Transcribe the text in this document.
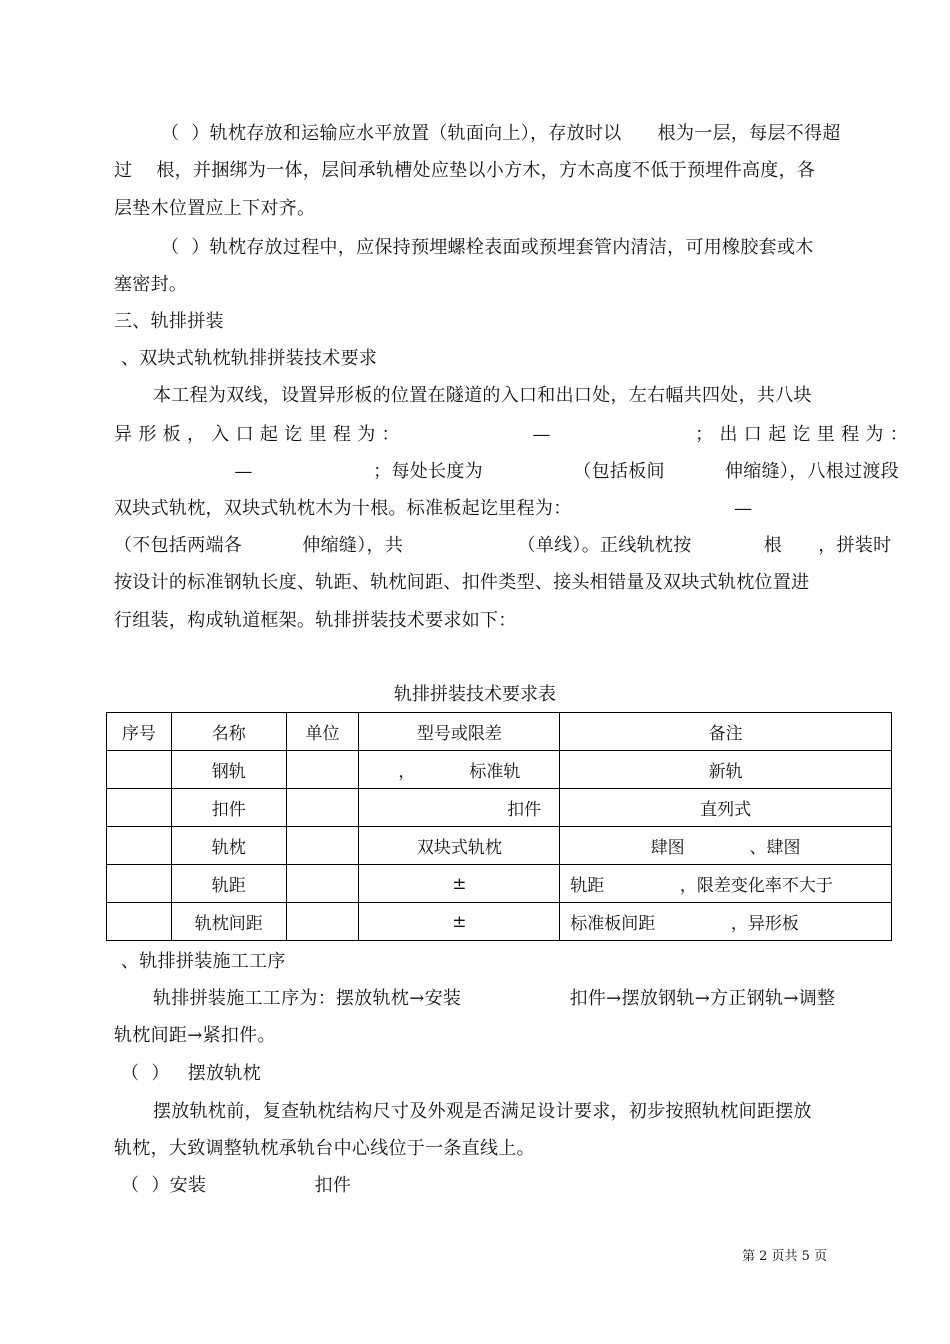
（  ）轨枕存放和运输应水平放置（轨面向上），存放时以      根为一层，每层不得超
过    根，并捆绑为一体，层间承轨槽处应垫以小方木，方木高度不低于预埋件高度，各
层垫木位置应上下对齐。
（  ）轨枕存放过程中，应保持预埋螺栓表面或预埋套管内清洁，可用橡胶套或木
塞密封。
三、轨排拼装
、双块式轨枕轨排拼装技术要求
本工程为双线，设置异形板的位置在隧道的入口和出口处，左右幅共四处，共八块
异 形 板 ， 入 口 起 讫 里 程 为 ：                      —                        ； 出 口 起 讫 里 程 为 ：
—                    ；每处长度为               （包括板间          伸缩缝），八根过渡段
双块式轨枕，双块式轨枕木为十根。标准板起讫里程为：                           —
（不包括两端各          伸缩缝），共                   （单线）。正线轨枕按            根      ，拼装时
按设计的标准钢轨长度、轨距、轨枕间距、扣件类型、接头相错量及双块式轨枕位置进
行组装，构成轨道框架。轨排拼装技术要求如下：
轨排拼装技术要求表
序号	名称	单位	型号或限差	备注
	钢轨		，          标准轨	新轨
	扣件		扣件	直列式
	轨枕		双块式轨枕	肆图            、肆图
	轨距		±	轨距              ，限差变化率不大于
	轨枕间距		±	标准板间距              ，异形板
、轨排拼装施工工序
轨排拼装施工工序为：摆放轨枕→安装                  扣件→摆放钢轨→方正钢轨→调整
轨枕间距→紧扣件。
（  ）   摆放轨枕
摆放轨枕前，复查轨枕结构尺寸及外观是否满足设计要求，初步按照轨枕间距摆放
轨枕，大致调整轨枕承轨台中心线位于一条直线上。
（  ）安装                  扣件
第 2 页共 5 页
